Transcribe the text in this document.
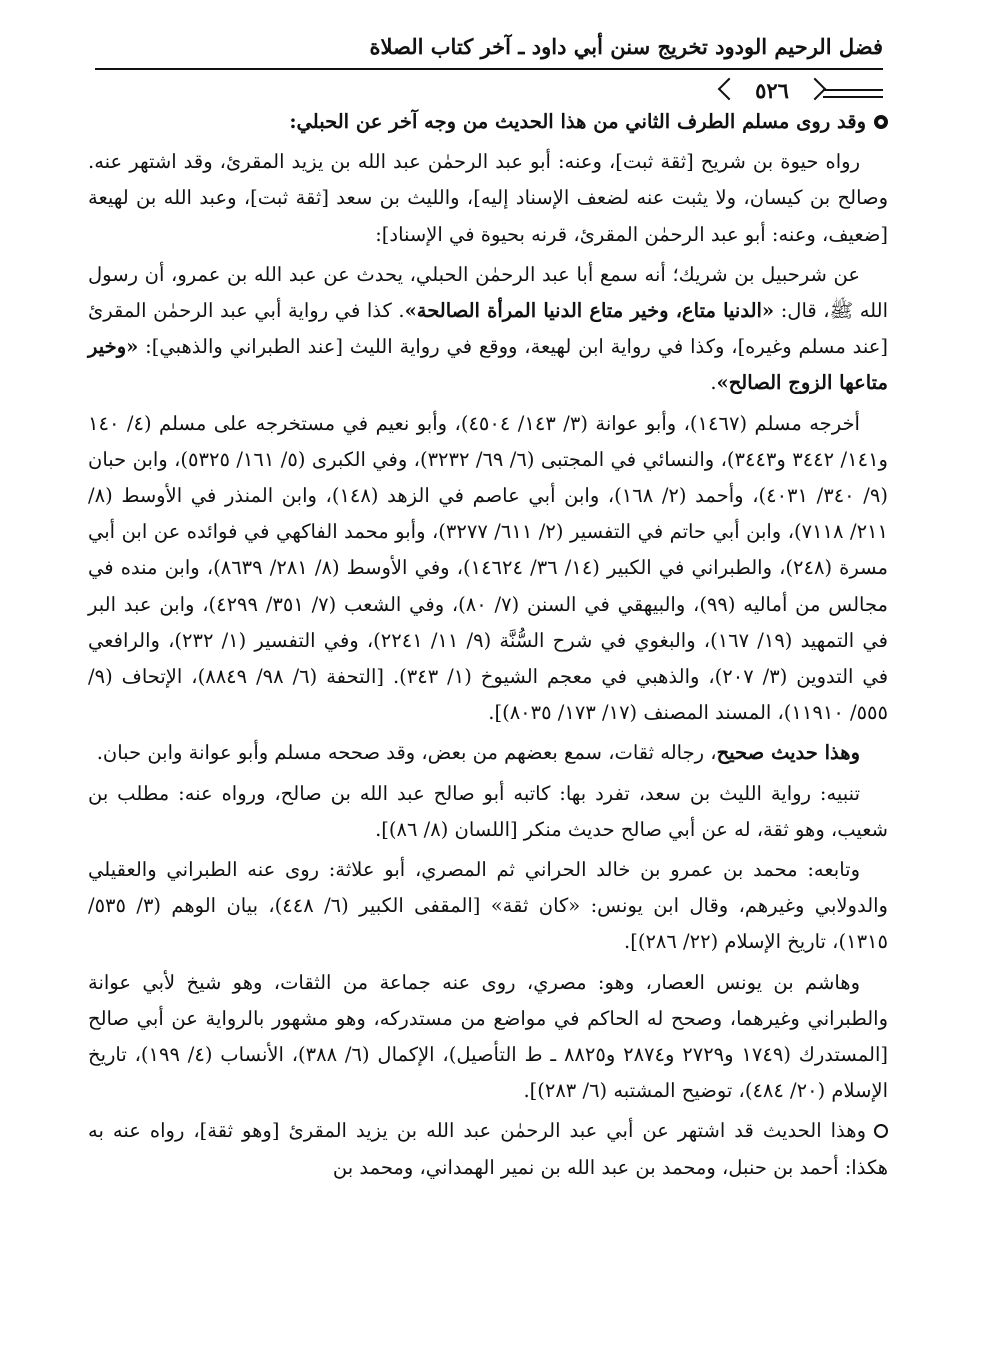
فضل الرحيم الودود تخريج سنن أبي داود ـ آخر كتاب الصلاة
٥٢٦

وقد روى مسلم الطرف الثاني من هذا الحديث من وجه آخر عن الحبلي:

رواه حيوة بن شريح [ثقة ثبت]، وعنه: أبو عبد الرحمٰن عبد الله بن يزيد المقرئ، وقد اشتهر عنه. وصالح بن كيسان، ولا يثبت عنه لضعف الإسناد إليه]، والليث بن سعد [ثقة ثبت]، وعبد الله بن لهيعة [ضعيف، وعنه: أبو عبد الرحمٰن المقرئ، قرنه بحيوة في الإسناد]:

عن شرحبيل بن شريك؛ أنه سمع أبا عبد الرحمٰن الحبلي، يحدث عن عبد الله بن عمرو، أن رسول الله ﷺ، قال: «الدنيا متاع، وخير متاع الدنيا المرأة الصالحة». كذا في رواية أبي عبد الرحمٰن المقرئ [عند مسلم وغيره]، وكذا في رواية ابن لهيعة، ووقع في رواية الليث [عند الطبراني والذهبي]: «وخير متاعها الزوج الصالح».

أخرجه مسلم (١٤٦٧)، وأبو عوانة (٣/ ١٤٣/ ٤٥٠٤)، وأبو نعيم في مستخرجه على مسلم (٤/ ١٤٠ و١٤١/ ٣٤٤٢ و٣٤٤٣)، والنسائي في المجتبى (٦/ ٦٩/ ٣٢٣٢)، وفي الكبرى (٥/ ١٦١/ ٥٣٢٥)، وابن حبان (٩/ ٣٤٠/ ٤٠٣١)، وأحمد (٢/ ١٦٨)، وابن أبي عاصم في الزهد (١٤٨)، وابن المنذر في الأوسط (٨/ ٢١١/ ٧١١٨)، وابن أبي حاتم في التفسير (٢/ ٦١١/ ٣٢٧٧)، وأبو محمد الفاكهي في فوائده عن ابن أبي مسرة (٢٤٨)، والطبراني في الكبير (١٤/ ٣٦/ ١٤٦٢٤)، وفي الأوسط (٨/ ٢٨١/ ٨٦٣٩)، وابن منده في مجالس من أماليه (٩٩)، والبيهقي في السنن (٧/ ٨٠)، وفي الشعب (٧/ ٣٥١/ ٤٢٩٩)، وابن عبد البر في التمهيد (١٩/ ١٦٧)، والبغوي في شرح السُّنَّة (٩/ ١١/ ٢٢٤١)، وفي التفسير (١/ ٢٣٢)، والرافعي في التدوين (٣/ ٢٠٧)، والذهبي في معجم الشيوخ (١/ ٣٤٣). [التحفة (٦/ ٩٨/ ٨٨٤٩)، الإتحاف (٩/ ٥٥٥/ ١١٩١٠)، المسند المصنف (١٧/ ١٧٣/ ٨٠٣٥)].

وهذا حديث صحيح، رجاله ثقات، سمع بعضهم من بعض، وقد صححه مسلم وأبو عوانة وابن حبان.

تنبيه: رواية الليث بن سعد، تفرد بها: كاتبه أبو صالح عبد الله بن صالح، ورواه عنه: مطلب بن شعيب، وهو ثقة، له عن أبي صالح حديث منكر [اللسان (٨/ ٨٦)].

وتابعه: محمد بن عمرو بن خالد الحراني ثم المصري، أبو علاثة: روى عنه الطبراني والعقيلي والدولابي وغيرهم، وقال ابن يونس: «كان ثقة» [المقفى الكبير (٦/ ٤٤٨)، بيان الوهم (٣/ ٥٣٥/ ١٣١٥)، تاريخ الإسلام (٢٢/ ٢٨٦)].

وهاشم بن يونس العصار، وهو: مصري، روى عنه جماعة من الثقات، وهو شيخ لأبي عوانة والطبراني وغيرهما، وصحح له الحاكم في مواضع من مستدركه، وهو مشهور بالرواية عن أبي صالح [المستدرك (١٧٤٩ و٢٧٢٩ و٢٨٧٤ و٨٨٢٥ ـ ط التأصيل)، الإكمال (٦/ ٣٨٨)، الأنساب (٤/ ١٩٩)، تاريخ الإسلام (٢٠/ ٤٨٤)، توضيح المشتبه (٦/ ٢٨٣)].

وهذا الحديث قد اشتهر عن أبي عبد الرحمٰن عبد الله بن يزيد المقرئ [وهو ثقة]، رواه عنه به هكذا: أحمد بن حنبل، ومحمد بن عبد الله بن نمير الهمداني، ومحمد بن
